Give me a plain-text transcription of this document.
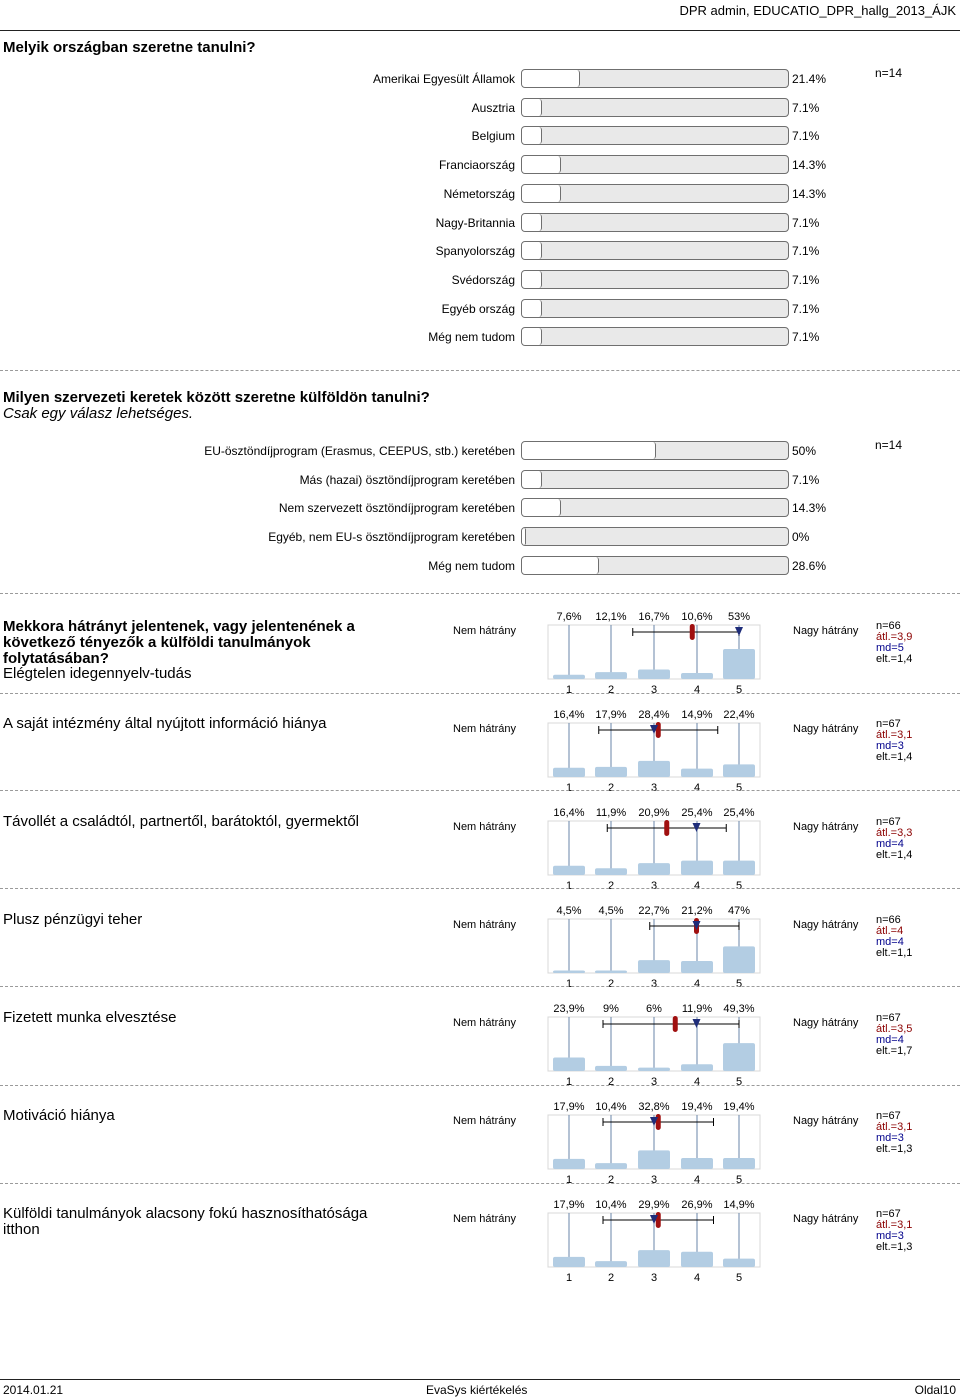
DPR admin, EDUCATIO_DPR_hallg_2013_ÁJK
Melyik országban szeretne tanulni?
Amerikai Egyesült Államok	21.4%
Ausztria	7.1%
Belgium	7.1%
Franciaország	14.3%
Németország	14.3%
Nagy-Britannia	7.1%
Spanyolország	7.1%
Svédország	7.1%
Egyéb ország	7.1%
Még nem tudom	7.1%
n=14
Milyen szervezeti keretek között szeretne külföldön tanulni?
Csak egy válasz lehetséges.
EU-ösztöndíjprogram (Erasmus, CEEPUS, stb.) keretében	50%
Más (hazai) ösztöndíjprogram keretében	7.1%
Nem szervezett ösztöndíjprogram keretében	14.3%
Egyéb, nem EU-s ösztöndíjprogram keretében	0%
Még nem tudom	28.6%
n=14
Mekkora hátrányt jelentenek, vagy jelentenének a következő tényezők a külföldi tanulmányok folytatásában?
Elégtelen idegennyelv-tudás
Nem hátrány	Nagy hátrány n=66
átl.=3,9
md=5
elt.=1,4
7,6% 12,1% 16,7% 10,6% 53%
1	2	3	4	5
A saját intézmény által nyújtott információ hiánya	Nem hátrány	Nagy hátrány n=67
átl.=3,1
md=3
elt.=1,4
16,4% 17,9% 28,4% 14,9% 22,4%
1	2	3	4	5
Távollét a családtól, partnertől, barátoktól, gyermektől	Nem hátrány	Nagy hátrány n=67
átl.=3,3
md=4
elt.=1,4
16,4% 11,9% 20,9% 25,4% 25,4%
1	2	3	4	5
Plusz pénzügyi teher	Nem hátrány	Nagy hátrány n=66
átl.=4
md=4
elt.=1,1
4,5% 4,5% 22,7% 21,2% 47%
1	2	3	4	5
Fizetett munka elvesztése	Nem hátrány	Nagy hátrány n=67
átl.=3,5
md=4
elt.=1,7
23,9% 9% 6% 11,9% 49,3%
1	2	3	4	5
Motiváció hiánya	Nem hátrány	Nagy hátrány n=67
átl.=3,1
md=3
elt.=1,3
17,9% 10,4% 32,8% 19,4% 19,4%
1	2	3	4	5
Külföldi tanulmányok alacsony fokú hasznosíthatósága itthon
Nem hátrány	Nagy hátrány n=67
átl.=3,1
md=3
elt.=1,3
17,9% 10,4% 29,9% 26,9% 14,9%
1	2	3	4	5
2014.01.21	EvaSys kiértékelés	Oldal10
